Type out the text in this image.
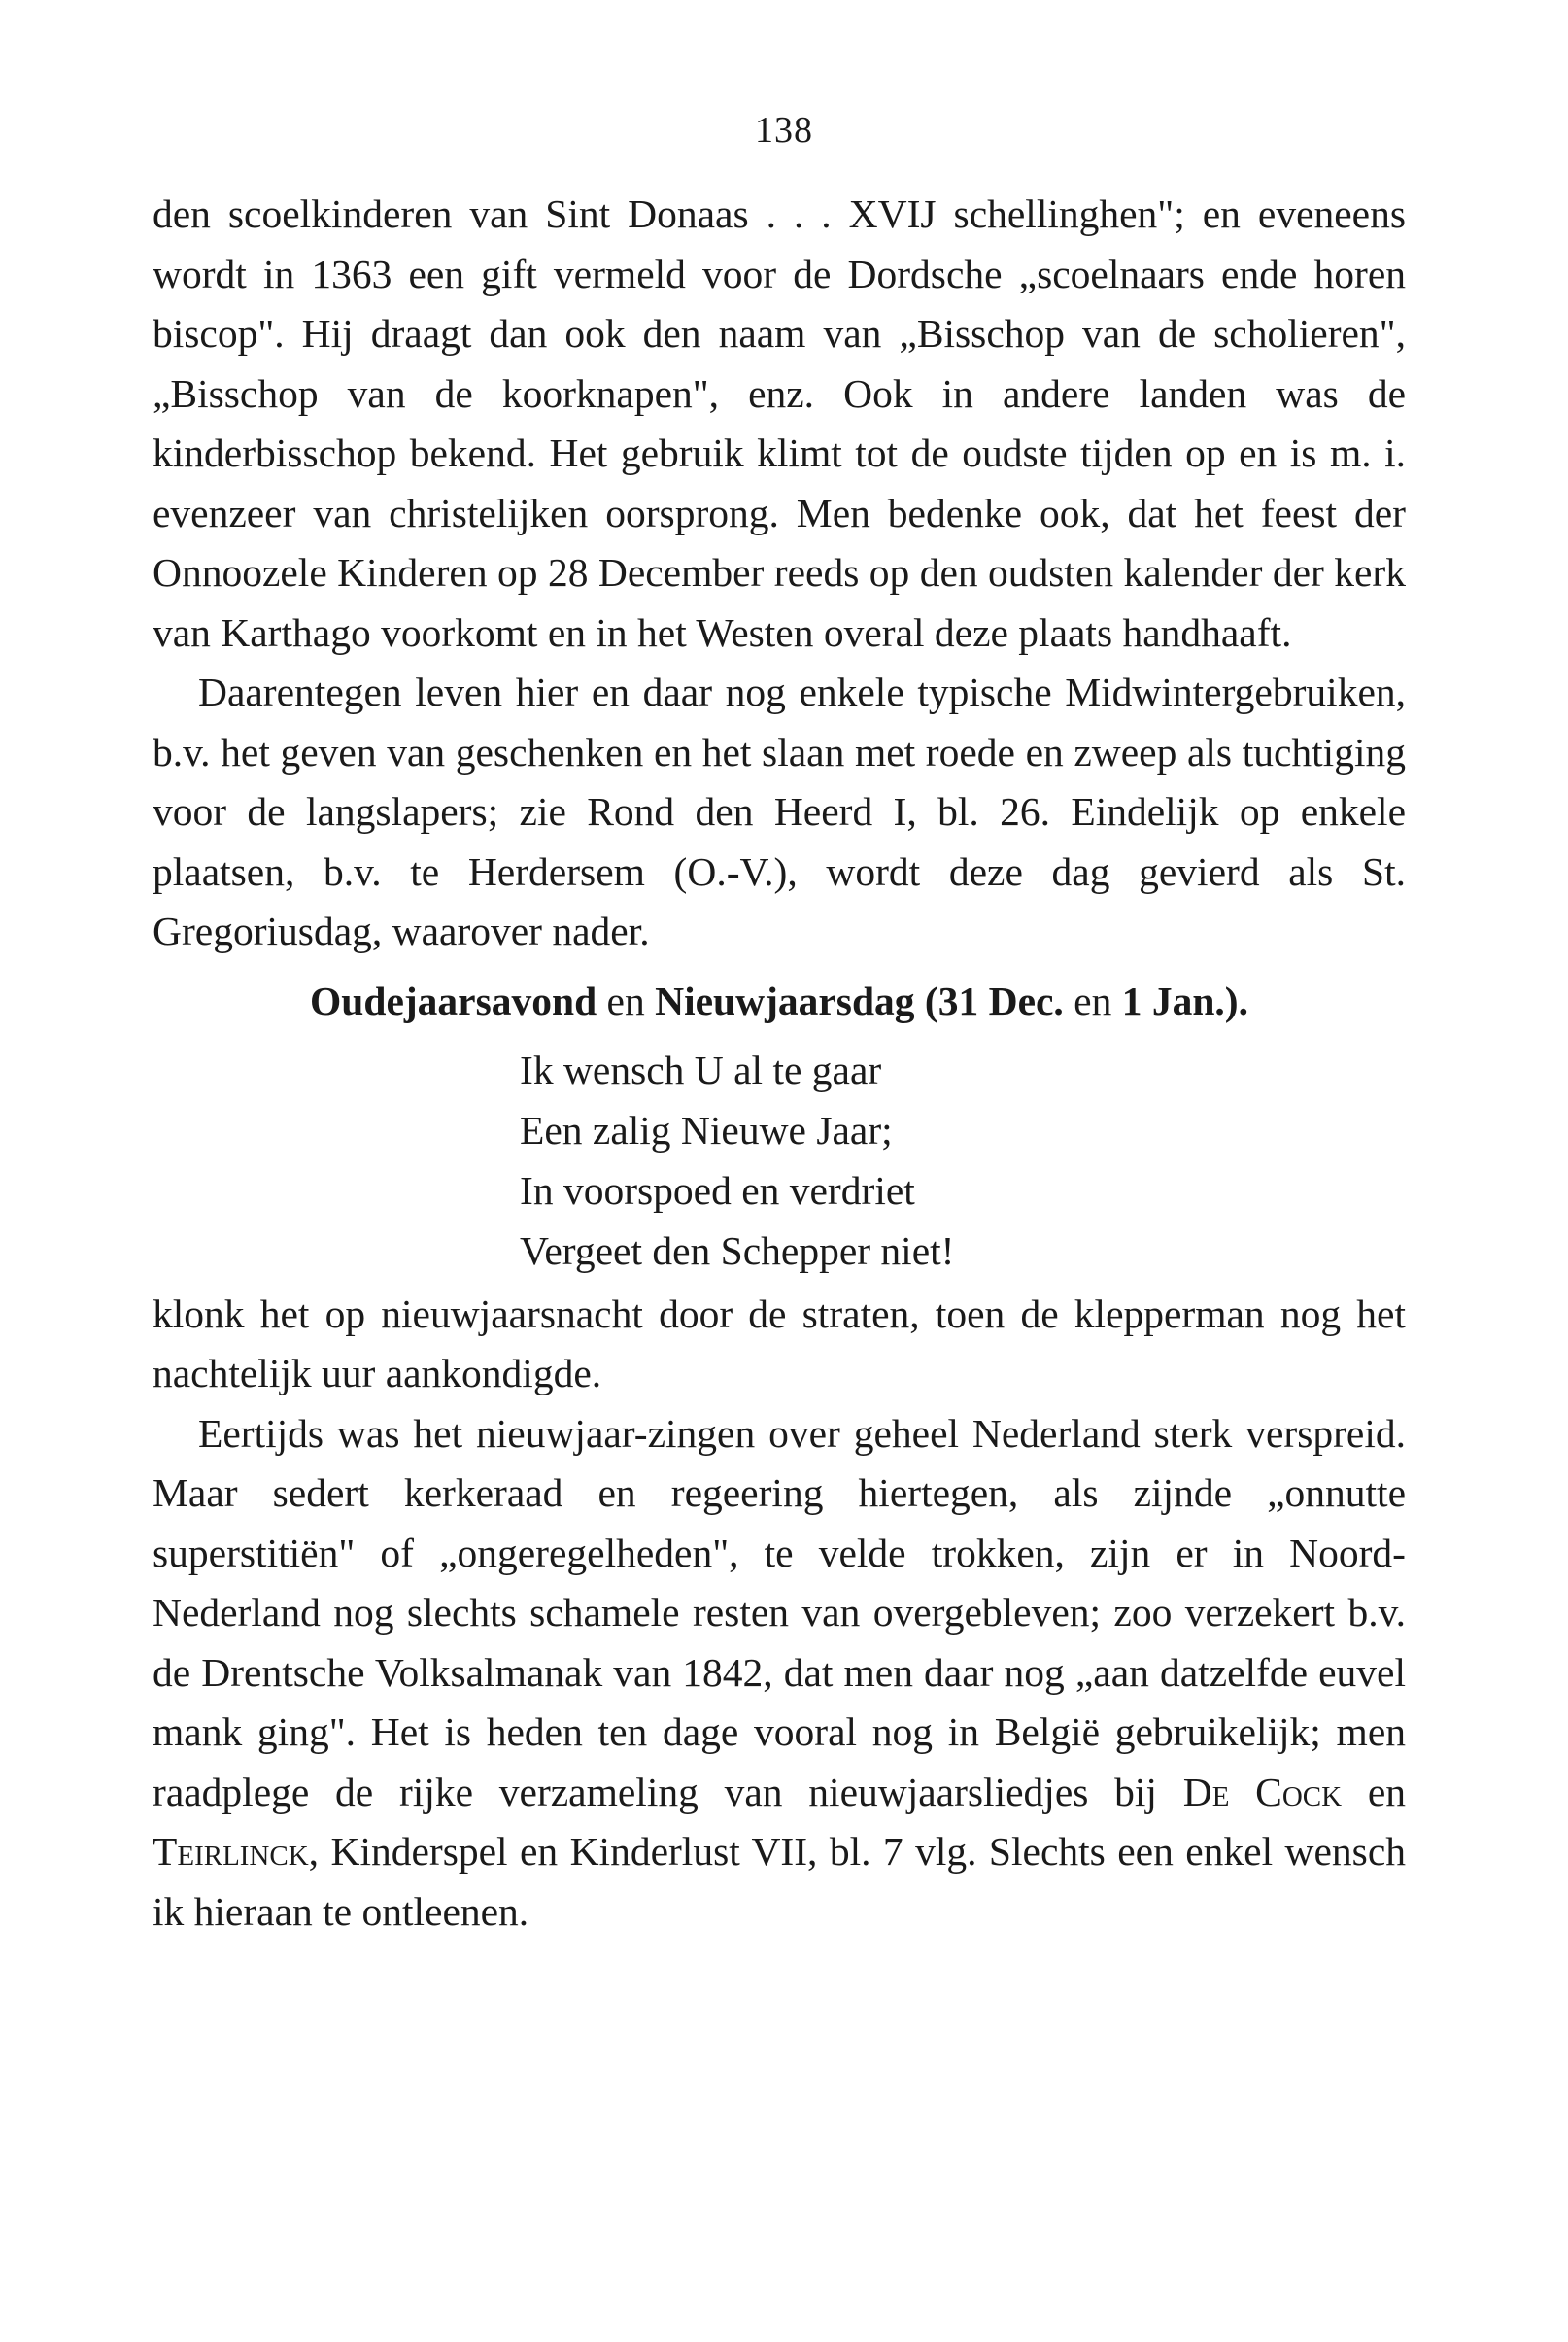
138

den scoelkinderen van Sint Donaas . . . XVIJ schellinghen"; en eveneens wordt in 1363 een gift vermeld voor de Dordsche „scoelnaars ende horen biscop". Hij draagt dan ook den naam van „Bisschop van de scholieren", „Bisschop van de koorknapen", enz. Ook in andere landen was de kinderbisschop bekend. Het gebruik klimt tot de oudste tijden op en is m. i. evenzeer van christelijken oorsprong. Men bedenke ook, dat het feest der Onnoozele Kinderen op 28 December reeds op den oudsten kalender der kerk van Karthago voorkomt en in het Westen overal deze plaats handhaaft.

Daarentegen leven hier en daar nog enkele typische Midwintergebruiken, b.v. het geven van geschenken en het slaan met roede en zweep als tuchtiging voor de langslapers; zie Rond den Heerd I, bl. 26. Eindelijk op enkele plaatsen, b.v. te Herdersem (O.-V.), wordt deze dag gevierd als St. Gregoriusdag, waarover nader.

Oudejaarsavond en Nieuwjaarsdag (31 Dec. en 1 Jan.).

Ik wensch U al te gaar
Een zalig Nieuwe Jaar;
In voorspoed en verdriet
Vergeet den Schepper niet!

klonk het op nieuwjaarsnacht door de straten, toen de klepperman nog het nachtelijk uur aankondigde.

Eertijds was het nieuwjaar-zingen over geheel Nederland sterk verspreid. Maar sedert kerkeraad en regeering hiertegen, als zijnde „onnutte superstitiën" of „ongeregelheden", te velde trokken, zijn er in Noord-Nederland nog slechts schamele resten van overgebleven; zoo verzekert b.v. de Drentsche Volksalmanak van 1842, dat men daar nog „aan datzelfde euvel mank ging". Het is heden ten dage vooral nog in België gebruikelijk; men raadplege de rijke verzameling van nieuwjaarsliedjes bij De Cock en Teirlinck, Kinderspel en Kinderlust VII, bl. 7 vlg. Slechts een enkel wensch ik hieraan te ontleenen.
